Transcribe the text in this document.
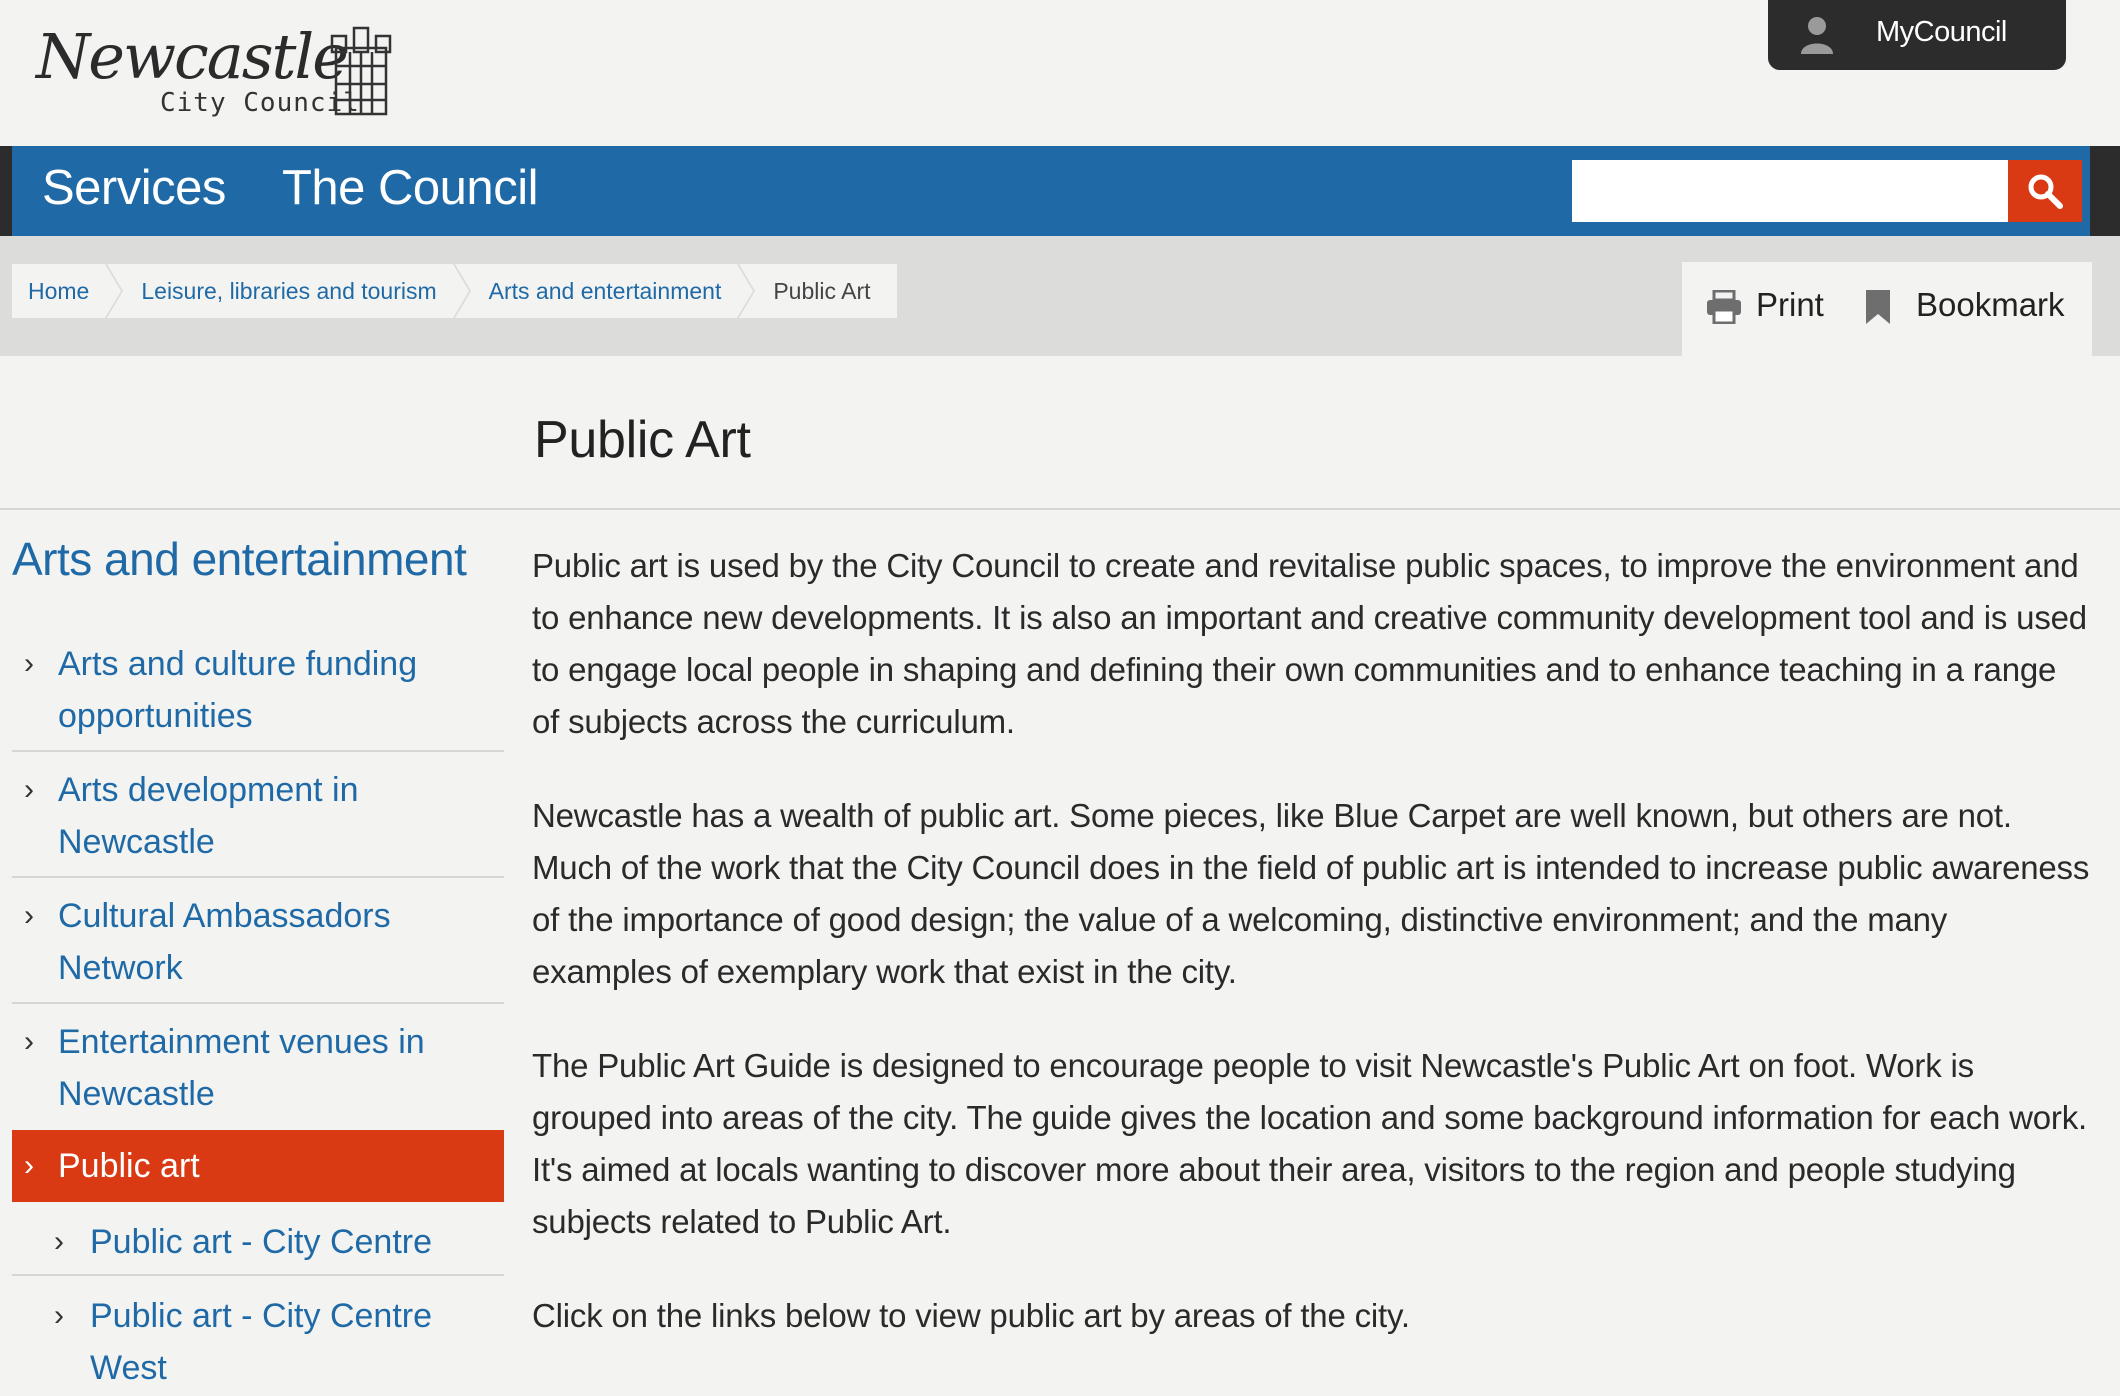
Newcastle
City Council
MyCouncil
Services The Council
Home	Leisure, libraries and tourism	Arts and entertainment	Public Art	Print	Bookmark
Public Art
Arts and entertainment
› Arts and culture funding opportunities
› Arts development in Newcastle
› Cultural Ambassadors Network
› Entertainment venues in Newcastle
› Public art
› Public art - City Centre
› Public art - City Centre West

Public art is used by the City Council to create and revitalise public spaces, to improve the environment and to enhance new developments. It is also an important and creative community development tool and is used to engage local people in shaping and defining their own communities and to enhance teaching in a range of subjects across the curriculum.

Newcastle has a wealth of public art. Some pieces, like Blue Carpet are well known, but others are not. Much of the work that the City Council does in the field of public art is intended to increase public awareness of the importance of good design; the value of a welcoming, distinctive environment; and the many examples of exemplary work that exist in the city.

The Public Art Guide is designed to encourage people to visit Newcastle's Public Art on foot. Work is grouped into areas of the city. The guide gives the location and some background information for each work. It's aimed at locals wanting to discover more about their area, visitors to the region and people studying subjects related to Public Art.

Click on the links below to view public art by areas of the city.
